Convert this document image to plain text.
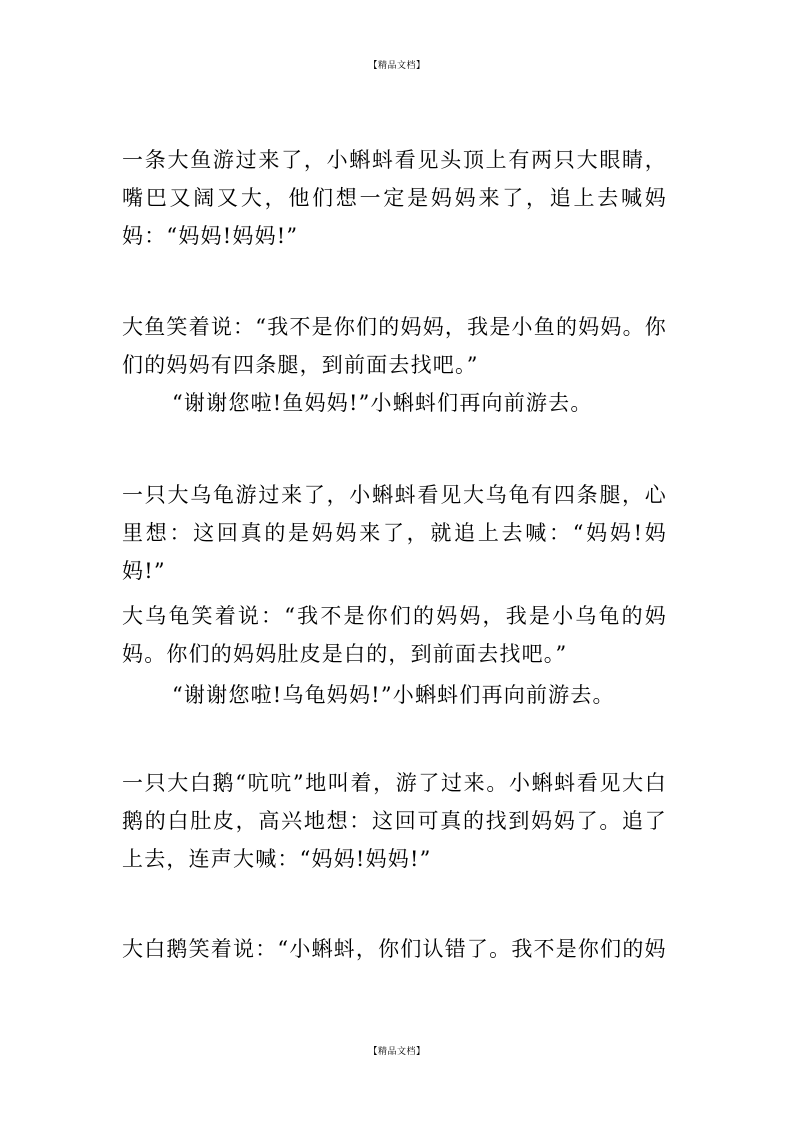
【精品文档】

一条大鱼游过来了，小蝌蚪看见头顶上有两只大眼睛，嘴巴又阔又大，他们想一定是妈妈来了，追上去喊妈妈：“妈妈!妈妈!”

大鱼笑着说：“我不是你们的妈妈，我是小鱼的妈妈。你们的妈妈有四条腿，到前面去找吧。”

“谢谢您啦!鱼妈妈!”小蝌蚪们再向前游去。

一只大乌龟游过来了，小蝌蚪看见大乌龟有四条腿，心里想：这回真的是妈妈来了，就追上去喊：“妈妈!妈妈!”

大乌龟笑着说：“我不是你们的妈妈，我是小乌龟的妈妈。你们的妈妈肚皮是白的，到前面去找吧。”

“谢谢您啦!乌龟妈妈!”小蝌蚪们再向前游去。

一只大白鹅“吭吭”地叫着，游了过来。小蝌蚪看见大白鹅的白肚皮，高兴地想：这回可真的找到妈妈了。追了上去，连声大喊：“妈妈!妈妈!”

大白鹅笑着说：“小蝌蚪，你们认错了。我不是你们的妈

【精品文档】
